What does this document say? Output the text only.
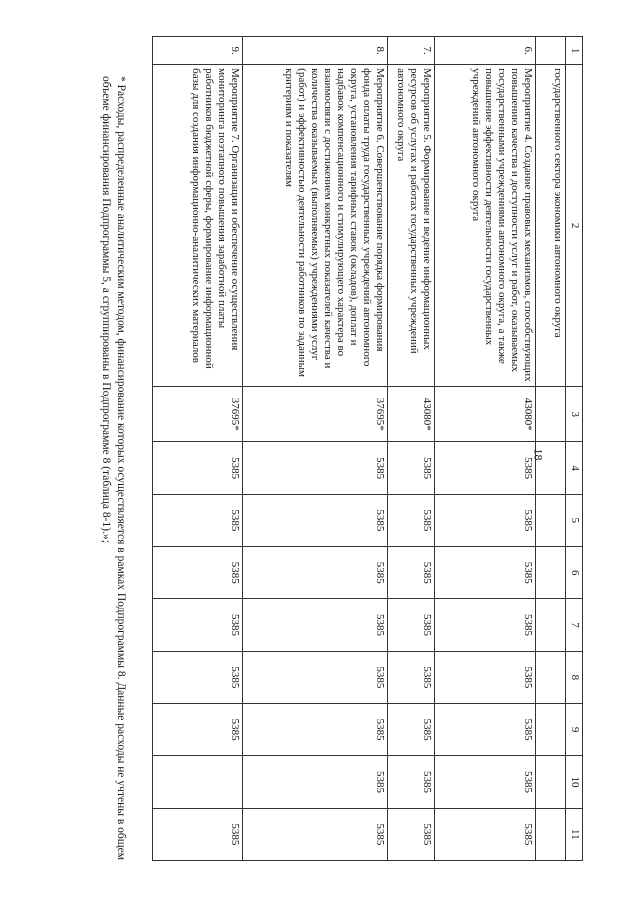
18
1	2	3	4	5	6	7	8	9	10	11
	государственного сектора экономики автономного округа									
6.	Мероприятие 4. Создание правовых механизмов, способствующих повышению качества и доступности услуг и работ, оказываемых государственными учреждениями автономного округа, а также повышение эффективности деятельности государственных учреждений автономного округа	43080*	5385	5385	5385	5385	5385	5385	5385	5385
7.	Мероприятие 5. Формирование и ведение информационных ресурсов об услугах и работах государственных учреждений автономного округа	43080*	5385	5385	5385	5385	5385	5385	5385	5385
8.	Мероприятие 6. Совершенствование порядка формирования фонда оплаты труда государственных учреждений автономного округа, установления тарифных ставок (окладов), доплат и надбавок компенсационного и стимулирующего характера во взаимосвязи с достижением конкретных показателей качества и количества оказываемых (выполняемых) учреждениями услуг (работ) и эффективностью деятельности работников по заданным критериям и показателям	37695*	5385	5385	5385	5385	5385	5385	5385	5385
9.	Мероприятие 7. Организация и обеспечение осуществления мониторинга поэтапного повышения заработной платы работников бюджетной сферы, формирование информационной базы для создания информационно-аналитических материалов	37695*	5385	5385	5385	5385	5385	5385		5385
* Расходы, распределенные аналитическим методом, финансирование которых осуществляется в рамках Подпрограммы 8. Данные расходы не учтены в общем объеме финансирования Подпрограммы 5, а сгруппированы в Подпрограмме 8 (таблица 8-1).»;
